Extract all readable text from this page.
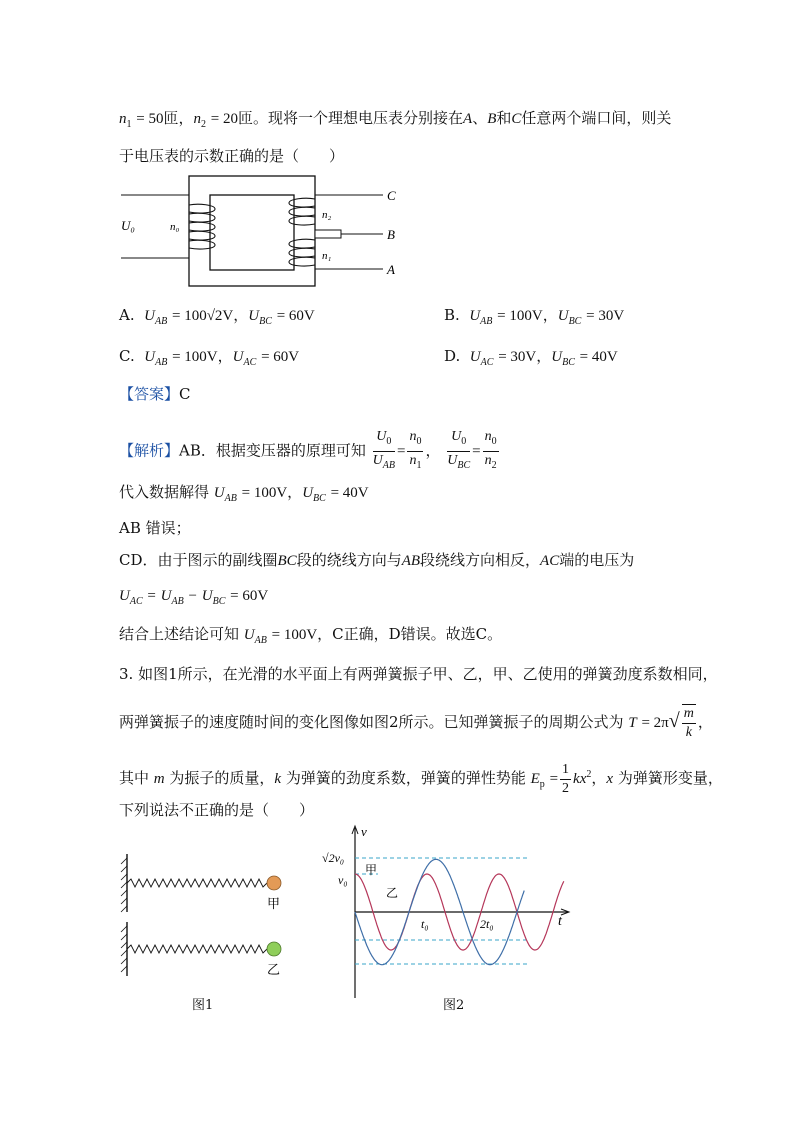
$n_1 = 50$匝，$n_2 = 20$匝。现将一个理想电压表分别接在A、B和C任意两个端口间，则关
于电压表的示数正确的是（　　）
C
B
A
U₀	n₀
n₂
n₁
A.  $U_{AB} = 100√2V$，$U_{BC} = 60V$	B.  $U_{AB} = 100V$，$U_{BC} = 30V$
C.  $U_{AB} = 100V$，$U_{AC} = 60V$	D.  $U_{AC} = 30V$，$U_{BC} = 40V$
【答案】C
【解析】AB．根据变压器的原理可知 $\frac{U_0}{U_{AB}} = \frac{n_0}{n_1}$ ， $\frac{U_0}{U_{BC}} = \frac{n_0}{n_2}$
代入数据解得 $U_{AB} = 100V$，$U_{BC} = 40V$
AB 错误；
CD．由于图示的副线圈BC段的绕线方向与AB段绕线方向相反，AC端的电压为
$U_{AC} = U_{AB} - U_{BC} = 60V$
结合上述结论可知 $U_{AB} = 100V$，C正确，D错误。故选C。
3. 如图1所示，在光滑的水平面上有两弹簧振子甲、乙，甲、乙使用的弹簧劲度系数相同，
两弹簧振子的速度随时间的变化图像如图2所示。已知弹簧振子的周期公式为 $T = 2\pi√ \frac{m}{k}$ ，
其中 m 为振子的质量，k 为弹簧的劲度系数，弹簧的弹性势能 $E_p = \frac{1}{2} kx^2$，x 为弹簧形变量，
下列说法不正确的是（　　）
甲
乙
图1
v
t
√2v₀
v₀
t₀	2t₀
甲
乙
图2
